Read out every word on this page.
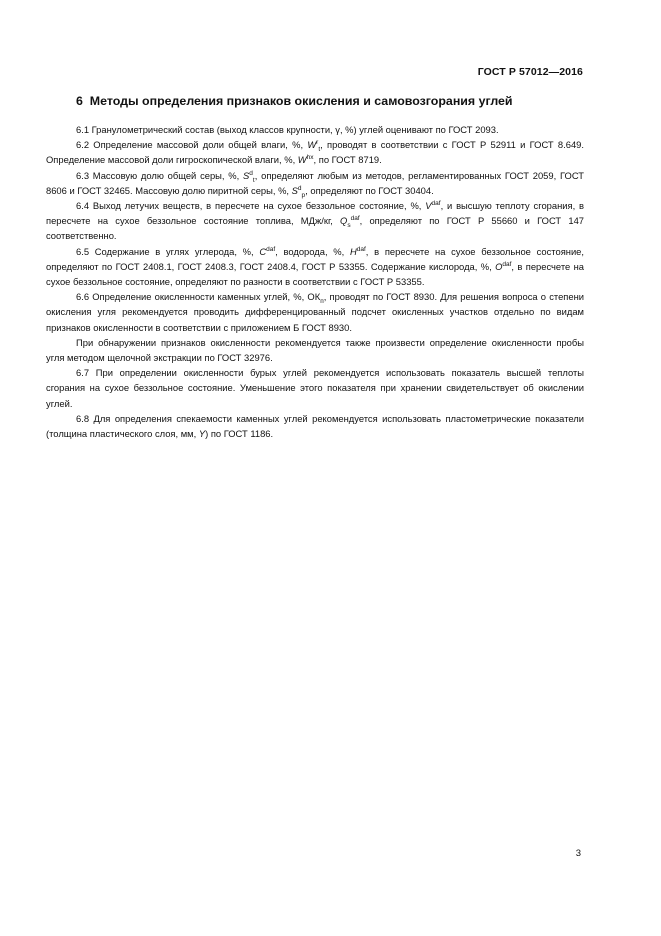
ГОСТ Р 57012—2016
6 Методы определения признаков окисления и самовозгорания углей

6.1 Гранулометрический состав (выход классов крупности, γ, %) углей оценивают по ГОСТ 2093.

6.2 Определение массовой доли общей влаги, %, $W^r_t$, проводят в соответствии с ГОСТ Р 52911 и ГОСТ 8.649. Определение массовой доли гигроскопической влаги, %, $W^{hx}$, по ГОСТ 8719.

6.3 Массовую долю общей серы, %, $S^d_t$, определяют любым из методов, регламентированных ГОСТ 2059, ГОСТ 8606 и ГОСТ 32465. Массовую долю пиритной серы, %, $S^d_p$, определяют по ГОСТ 30404.

6.4 Выход летучих веществ, в пересчете на сухое беззольное состояние, %, $V^{daf}$, и высшую теплоту сгорания, в пересчете на сухое беззольное состояние топлива, МДж/кг, $Q_s^{daf}$, определяют по ГОСТ Р 55660 и ГОСТ 147 соответственно.

6.5 Содержание в углях углерода, %, $C^{daf}$, водорода, %, $H^{daf}$, в пересчете на сухое беззольное состояние, определяют по ГОСТ 2408.1, ГОСТ 2408.3, ГОСТ 2408.4, ГОСТ Р 53355. Содержание кислорода, %, $O^{daf}$, в пересчете на сухое беззольное состояние, определяют по разности в соответствии с ГОСТ Р 53355.

6.6 Определение окисленности каменных углей, %, $ОК_п$, проводят по ГОСТ 8930. Для решения вопроса о степени окисления угля рекомендуется проводить дифференцированный подсчет окисленных участков отдельно по видам признаков окисленности в соответствии с приложением Б ГОСТ 8930.

При обнаружении признаков окисленности рекомендуется также произвести определение окисленности пробы угля методом щелочной экстракции по ГОСТ 32976.

6.7 При определении окисленности бурых углей рекомендуется использовать показатель высшей теплоты сгорания на сухое беззольное состояние. Уменьшение этого показателя при хранении свидетельствует об окислении углей.

6.8 Для определения спекаемости каменных углей рекомендуется использовать пластометрические показатели (толщина пластического слоя, мм, Y) по ГОСТ 1186.

3
